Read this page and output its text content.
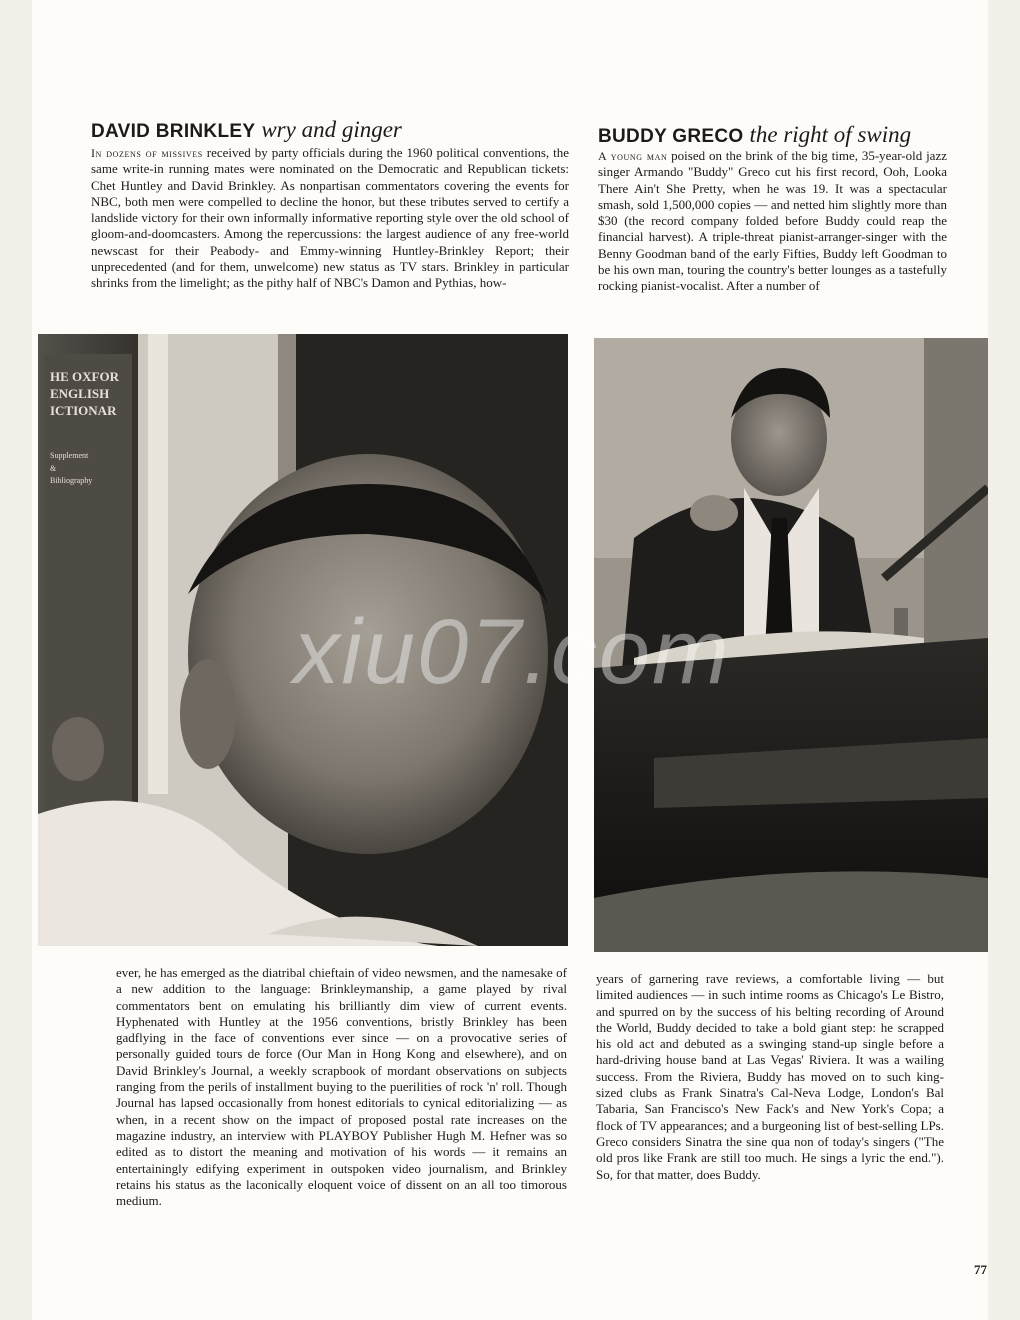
DAVID BRINKLEY wry and ginger
In dozens of missives received by party officials during the 1960 political conventions, the same write-in running mates were nominated on the Democratic and Republican tickets: Chet Huntley and David Brinkley. As nonpartisan commentators covering the events for NBC, both men were compelled to decline the honor, but these tributes served to certify a landslide victory for their own informally informative reporting style over the old school of gloom-and-doomcasters. Among the repercussions: the largest audience of any free-world newscast for their Peabody- and Emmy-winning Huntley-Brinkley Report; their unprecedented (and for them, unwelcome) new status as TV stars. Brinkley in particular shrinks from the limelight; as the pithy half of NBC's Damon and Pythias, how-
BUDDY GRECO the right of swing
A young man poised on the brink of the big time, 35-year-old jazz singer Armando "Buddy" Greco cut his first record, Ooh, Looka There Ain't She Pretty, when he was 19. It was a spectacular smash, sold 1,500,000 copies — and netted him slightly more than $30 (the record company folded before Buddy could reap the financial harvest). A triple-threat pianist-arranger-singer with the Benny Goodman band of the early Fifties, Buddy left Goodman to be his own man, touring the country's better lounges as a tastefully rocking pianist-vocalist. After a number of
HE OXFOR
ENGLISH
ICTIONAR
Supplement
&
Bibliography
ever, he has emerged as the diatribal chieftain of video newsmen, and the namesake of a new addition to the language: Brinkleymanship, a game played by rival commentators bent on emulating his brilliantly dim view of current events. Hyphenated with Huntley at the 1956 conventions, bristly Brinkley has been gadflying in the face of conventions ever since — on a provocative series of personally guided tours de force (Our Man in Hong Kong and elsewhere), and on David Brinkley's Journal, a weekly scrapbook of mordant observations on subjects ranging from the perils of installment buying to the puerilities of rock 'n' roll. Though Journal has lapsed occasionally from honest editorials to cynical editorializing — as when, in a recent show on the impact of proposed postal rate increases on the magazine industry, an interview with PLAYBOY Publisher Hugh M. Hefner was so edited as to distort the meaning and motivation of his words — it remains an entertainingly edifying experiment in outspoken video journalism, and Brinkley retains his status as the laconically eloquent voice of dissent on an all too timorous medium.
years of garnering rave reviews, a comfortable living — but limited audiences — in such intime rooms as Chicago's Le Bistro, and spurred on by the success of his belting recording of Around the World, Buddy decided to take a bold giant step: he scrapped his old act and debuted as a swinging stand-up single before a hard-driving house band at Las Vegas' Riviera. It was a wailing success. From the Riviera, Buddy has moved on to such king-sized clubs as Frank Sinatra's Cal-Neva Lodge, London's Bal Tabaria, San Francisco's New Fack's and New York's Copa; a flock of TV appearances; and a burgeoning list of best-selling LPs. Greco considers Sinatra the sine qua non of today's singers ("The old pros like Frank are still too much. He sings a lyric the end."). So, for that matter, does Buddy.
77
xiu07.com
